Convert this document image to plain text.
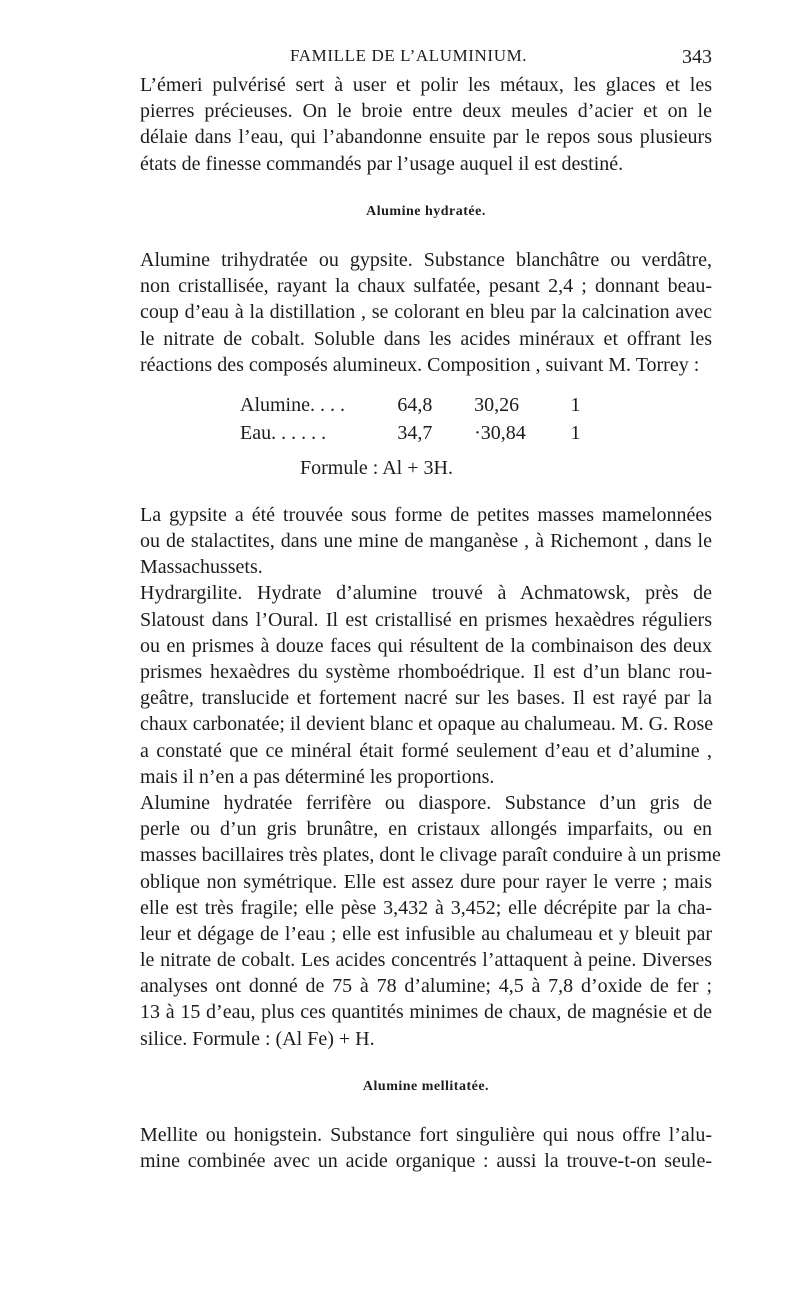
FAMILLE DE L’ALUMINIUM.	343
L’émeri pulvérisé sert à user et polir les métaux, les glaces et les
pierres précieuses. On le broie entre deux meules d’acier et on le
délaie dans l’eau, qui l’abandonne ensuite par le repos sous plusieurs
états de finesse commandés par l’usage auquel il est destiné.
Alumine hydratée.
Alumine trihydratée ou gypsite. Substance blanchâtre ou verdâtre,
non cristallisée, rayant la chaux sulfatée, pesant 2,4 ; donnant beau-
coup d’eau à la distillation , se colorant en bleu par la calcination avec
le nitrate de cobalt. Soluble dans les acides minéraux et offrant les
réactions des composés alumineux. Composition , suivant M. Torrey :
Alumine. . . .	64,8	30,26	1
Eau. . . . . .	34,7	·30,84	1
Formule : Al + 3H.
La gypsite a été trouvée sous forme de petites masses mamelonnées
ou de stalactites, dans une mine de manganèse , à Richemont , dans le
Massachussets.
Hydrargilite. Hydrate d’alumine trouvé à Achmatowsk, près de
Slatoust dans l’Oural. Il est cristallisé en prismes hexaèdres réguliers
ou en prismes à douze faces qui résultent de la combinaison des deux
prismes hexaèdres du système rhomboédrique. Il est d’un blanc rou-
geâtre, translucide et fortement nacré sur les bases. Il est rayé par la
chaux carbonatée; il devient blanc et opaque au chalumeau. M. G. Rose
a constaté que ce minéral était formé seulement d’eau et d’alumine ,
mais il n’en a pas déterminé les proportions.
Alumine hydratée ferrifère ou diaspore. Substance d’un gris de
perle ou d’un gris brunâtre, en cristaux allongés imparfaits, ou en
masses bacillaires très plates, dont le clivage paraît conduire à un prisme
oblique non symétrique. Elle est assez dure pour rayer le verre ; mais
elle est très fragile; elle pèse 3,432 à 3,452; elle décrépite par la cha-
leur et dégage de l’eau ; elle est infusible au chalumeau et y bleuit par
le nitrate de cobalt. Les acides concentrés l’attaquent à peine. Diverses
analyses ont donné de 75 à 78 d’alumine; 4,5 à 7,8 d’oxide de fer ;
13 à 15 d’eau, plus ces quantités minimes de chaux, de magnésie et de
silice. Formule : (Al Fe) + H.
Alumine mellitatée.
Mellite ou honigstein. Substance fort singulière qui nous offre l’alu-
mine combinée avec un acide organique : aussi la trouve-t-on seule-
